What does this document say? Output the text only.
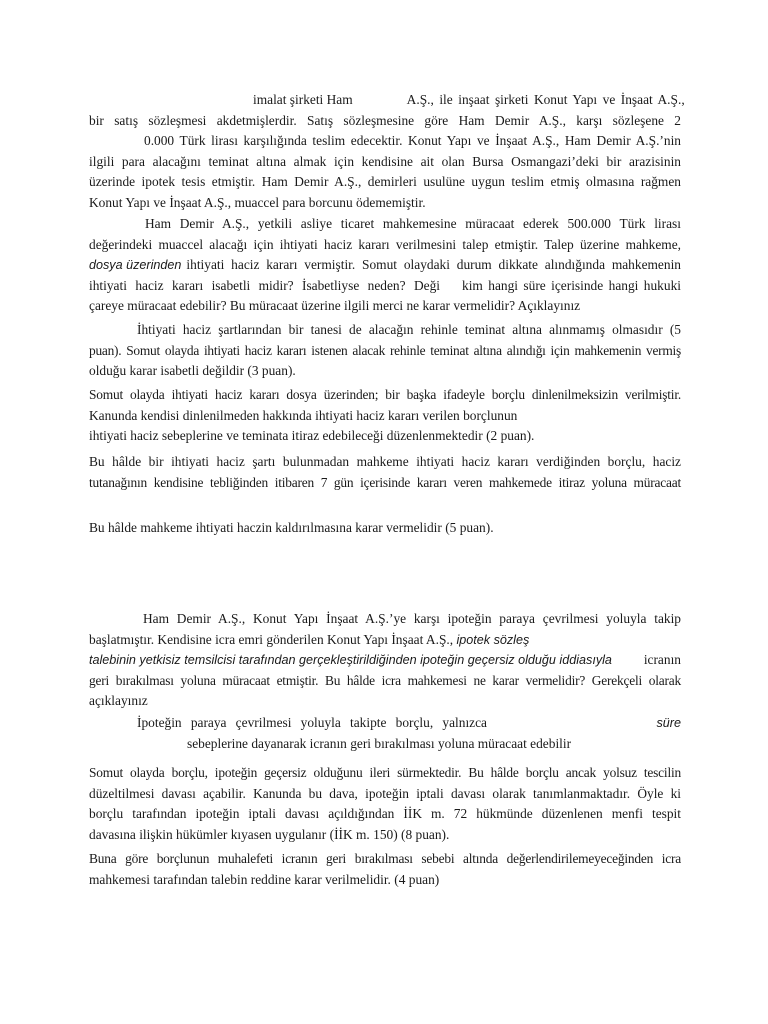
imalat şirketi Ham	A.Ş., ile inşaat şirketi Konut Yapı ve İnşaat A.Ş.,
bir satış sözleşmesi akdetmişlerdir. Satış sözleşmesine göre Ham Demir A.Ş., karşı sözleşene 2
0.000 Türk lirası karşılığında teslim edecektir. Konut Yapı ve İnşaat A.Ş., Ham Demir A.Ş.’nin
ilgili para alacağını teminat altına almak için kendisine ait olan Bursa Osmangazi’deki bir arazisinin
üzerinde ipotek tesis etmiştir. Ham Demir A.Ş., demirleri usulüne uygun teslim etmiş olmasına rağmen
Konut Yapı ve İnşaat A.Ş., muaccel para borcunu ödememiştir.
Ham Demir A.Ş., yetkili asliye ticaret mahkemesine müracaat ederek 500.000 Türk lirası
değerindeki muaccel alacağı için ihtiyati haciz kararı verilmesini talep etmiştir. Talep üzerine mahkeme,
dosya üzerinden ihtiyati haciz kararı vermiştir. Somut olaydaki durum dikkate alındığında mahkemenin
ihtiyati haciz kararı isabetli midir? İsabetliyse neden? Deği kim hangi süre içerisinde hangi hukuki
çareye müracaat edebilir? Bu müracaat üzerine ilgili merci ne karar vermelidir? Açıklayınız
İhtiyati haciz şartlarından bir tanesi de alacağın rehinle teminat altına alınmamış olmasıdır (5
puan). Somut olayda ihtiyati haciz kararı istenen alacak rehinle teminat altına alındığı için mahkemenin vermiş
olduğu karar isabetli değildir (3 puan).
Somut olayda ihtiyati haciz kararı dosya üzerinden; bir başka ifadeyle borçlu dinlenilmeksizin verilmiştir.
Kanunda kendisi dinlenilmeden hakkında ihtiyati haciz kararı verilen borçlunun
ihtiyati haciz sebeplerine ve teminata itiraz edebileceği düzenlenmektedir (2 puan).
Bu hâlde bir ihtiyati haciz şartı bulunmadan mahkeme ihtiyati haciz kararı verdiğinden borçlu, haciz
tutanağının kendisine tebliğinden itibaren 7 gün içerisinde kararı veren mahkemede itiraz yoluna müracaat
Bu hâlde mahkeme ihtiyati haczin kaldırılmasına karar vermelidir (5 puan).
Ham Demir A.Ş., Konut Yapı İnşaat A.Ş.’ye karşı ipoteğin paraya çevrilmesi yoluyla takip
başlatmıştır. Kendisine icra emri gönderilen Konut Yapı İnşaat A.Ş., ipotek sözleş
talebinin yetkisiz temsilcisi tarafından gerçekleştirildiğinden ipoteğin geçersiz olduğu iddiasıyla	icranın
geri bırakılması yoluna müracaat etmiştir. Bu hâlde icra mahkemesi ne karar vermelidir? Gerekçeli olarak
açıklayınız
İpoteğin paraya çevrilmesi yoluyla takipte borçlu, yalnızca	süre
sebeplerine dayanarak icranın geri bırakılması yoluna müracaat edebilir
Somut olayda borçlu, ipoteğin geçersiz olduğunu ileri sürmektedir. Bu hâlde borçlu ancak yolsuz tescilin
düzeltilmesi davası açabilir. Kanunda bu dava, ipoteğin iptali davası olarak tanımlanmaktadır. Öyle ki
borçlu tarafından ipoteğin iptali davası açıldığından İİK m. 72 hükmünde düzenlenen menfi tespit
davasına ilişkin hükümler kıyasen uygulanır (İİK m. 150) (8 puan).
Buna göre borçlunun muhalefeti icranın geri bırakılması sebebi altında değerlendirilemeyeceğinden icra
mahkemesi tarafından talebin reddine karar verilmelidir. (4 puan)
